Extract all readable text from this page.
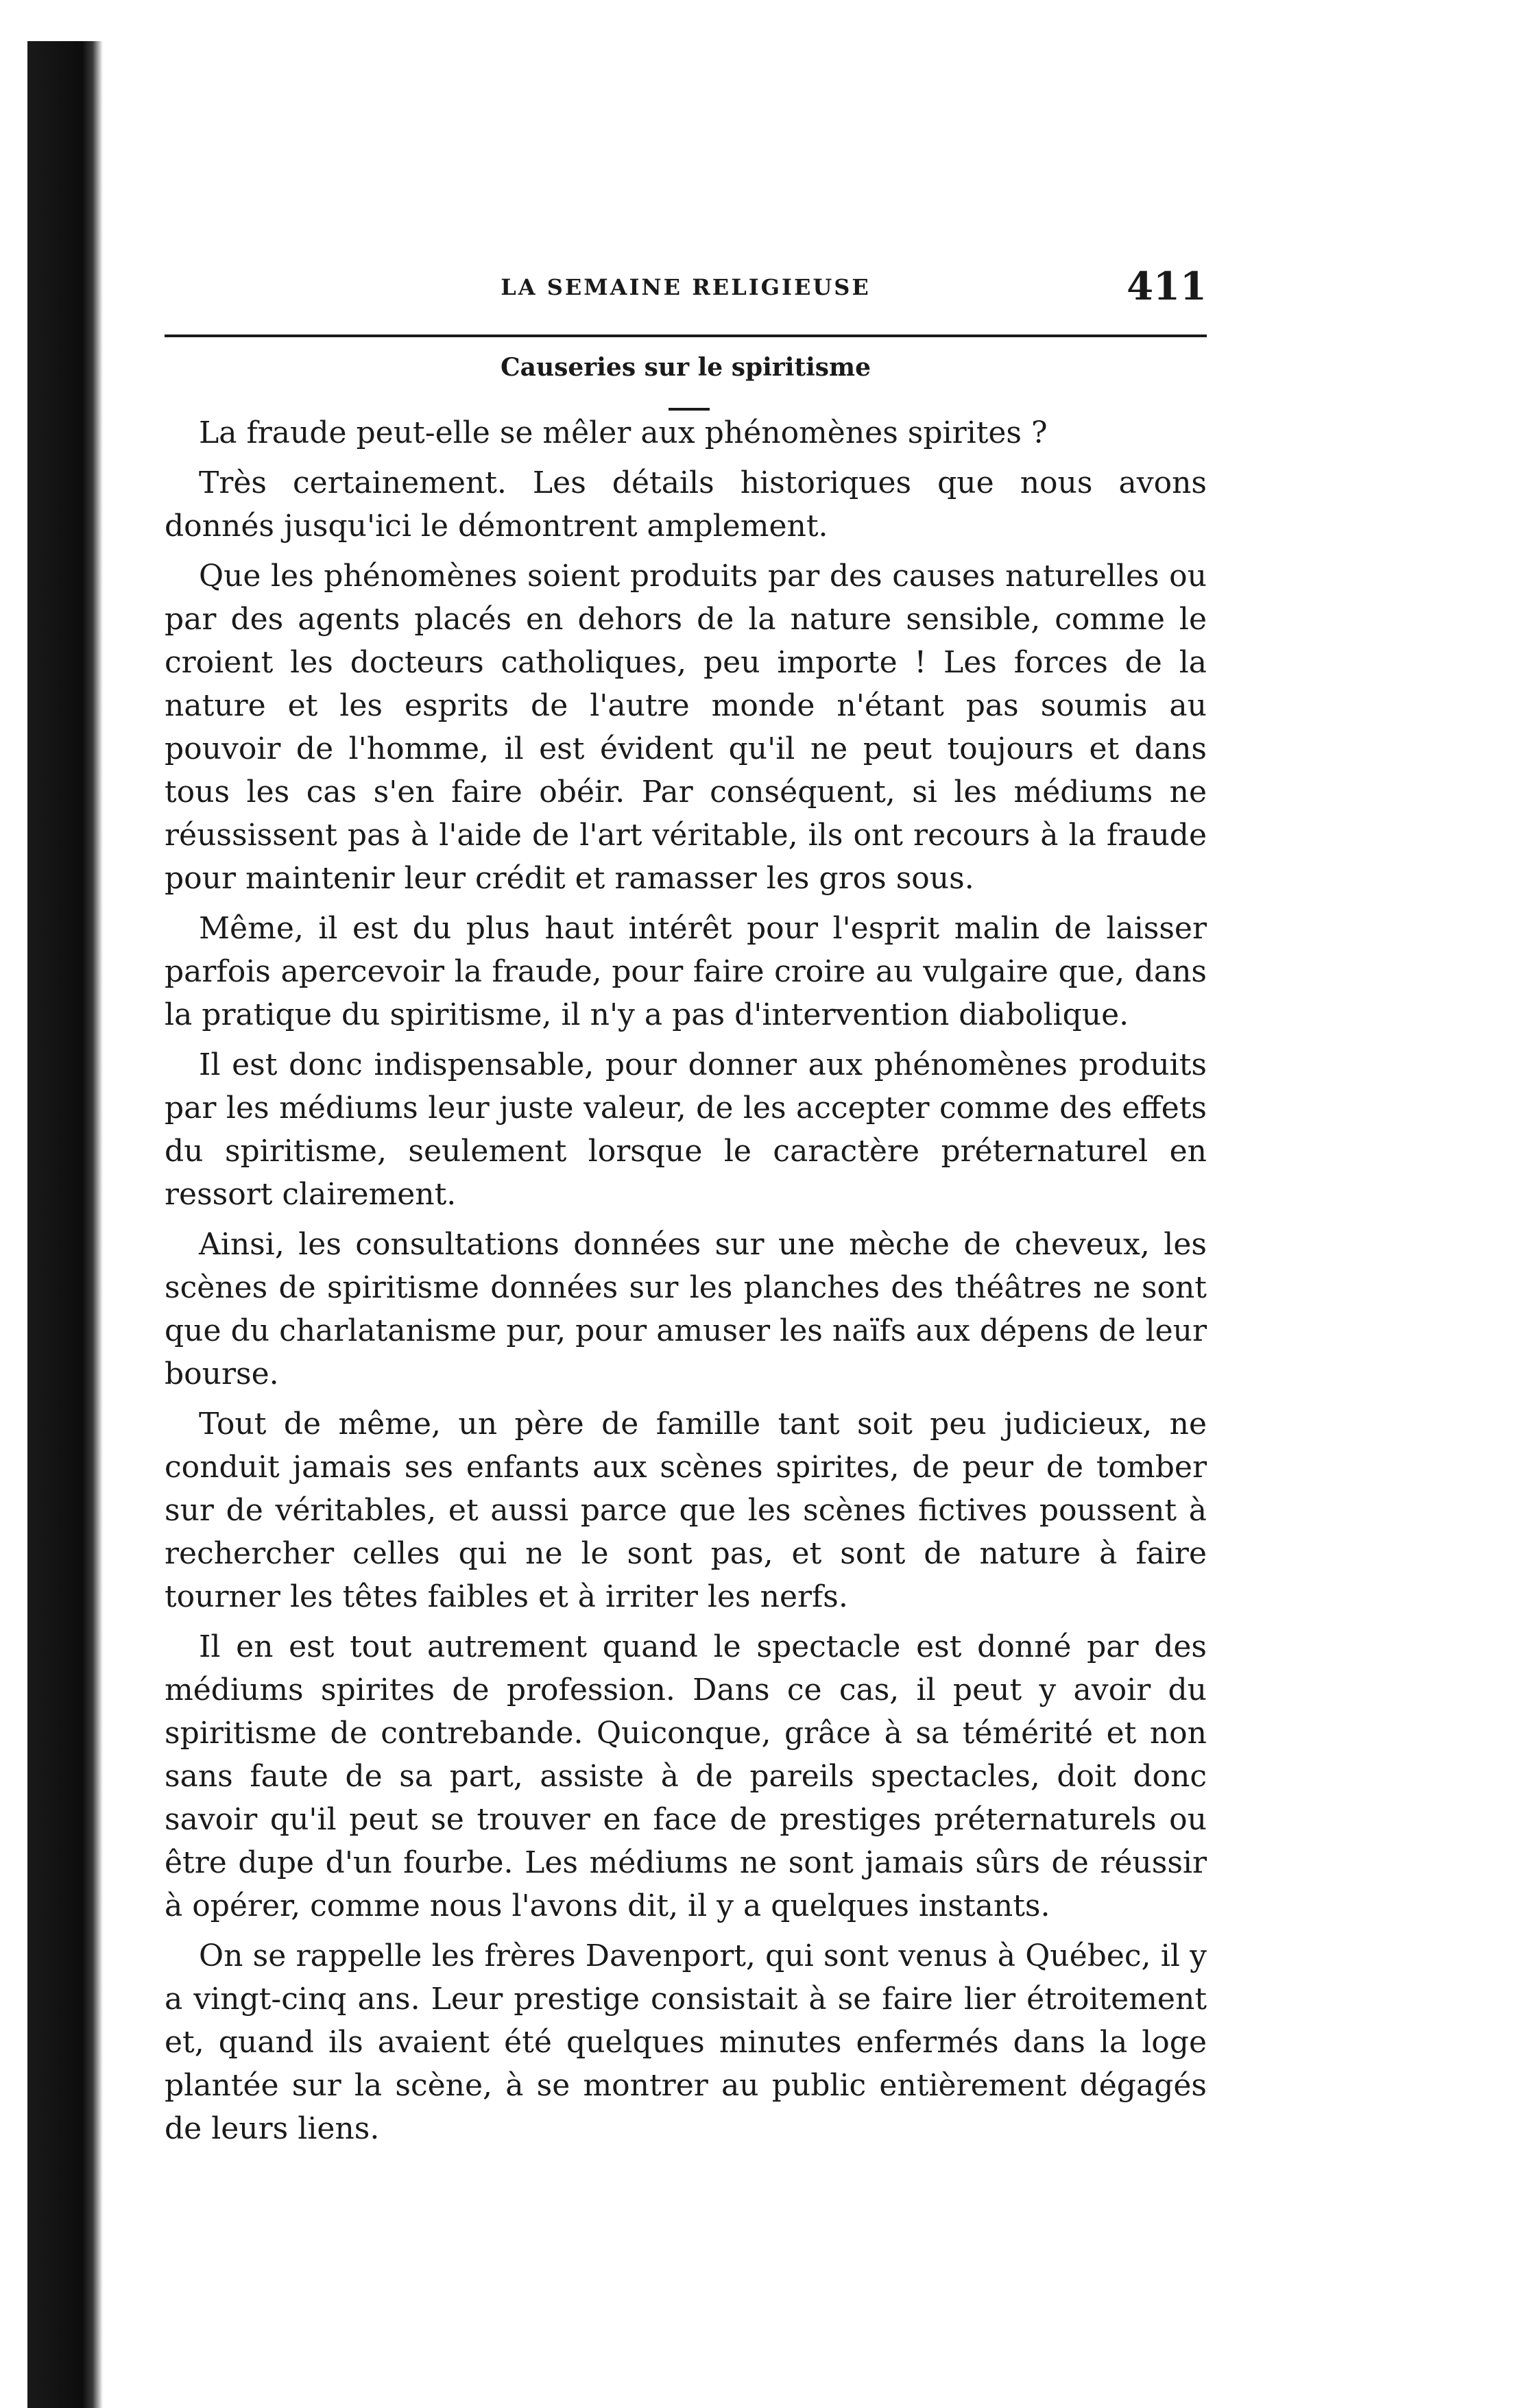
LA SEMAINE RELIGIEUSE	411
Causeries sur le spiritisme

La fraude peut-elle se mêler aux phénomènes spirites ?

Très certainement. Les détails historiques que nous avons donnés jusqu'ici le démontrent amplement.

Que les phénomènes soient produits par des causes naturelles ou par des agents placés en dehors de la nature sensible, comme le croient les docteurs catholiques, peu importe ! Les forces de la nature et les esprits de l'autre monde n'étant pas soumis au pouvoir de l'homme, il est évident qu'il ne peut toujours et dans tous les cas s'en faire obéir. Par conséquent, si les médiums ne réussissent pas à l'aide de l'art véritable, ils ont recours à la fraude pour maintenir leur crédit et ramasser les gros sous.

Même, il est du plus haut intérêt pour l'esprit malin de laisser parfois apercevoir la fraude, pour faire croire au vulgaire que, dans la pratique du spiritisme, il n'y a pas d'intervention diabolique.

Il est donc indispensable, pour donner aux phénomènes produits par les médiums leur juste valeur, de les accepter comme des effets du spiritisme, seulement lorsque le caractère préternaturel en ressort clairement.

Ainsi, les consultations données sur une mèche de cheveux, les scènes de spiritisme données sur les planches des théâtres ne sont que du charlatanisme pur, pour amuser les naïfs aux dépens de leur bourse.

Tout de même, un père de famille tant soit peu judicieux, ne conduit jamais ses enfants aux scènes spirites, de peur de tomber sur de véritables, et aussi parce que les scènes fictives poussent à rechercher celles qui ne le sont pas, et sont de nature à faire tourner les têtes faibles et à irriter les nerfs.

Il en est tout autrement quand le spectacle est donné par des médiums spirites de profession. Dans ce cas, il peut y avoir du spiritisme de contrebande. Quiconque, grâce à sa témérité et non sans faute de sa part, assiste à de pareils spectacles, doit donc savoir qu'il peut se trouver en face de prestiges préternaturels ou être dupe d'un fourbe. Les médiums ne sont jamais sûrs de réussir à opérer, comme nous l'avons dit, il y a quelques instants.

On se rappelle les frères Davenport, qui sont venus à Québec, il y a vingt-cinq ans. Leur prestige consistait à se faire lier étroitement et, quand ils avaient été quelques minutes enfermés dans la loge plantée sur la scène, à se montrer au public entièrement dégagés de leurs liens.
